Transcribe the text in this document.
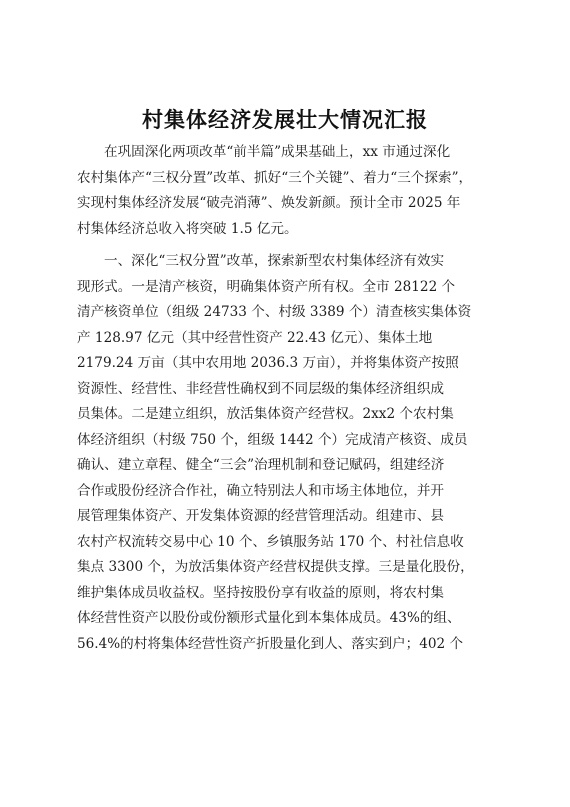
村集体经济发展壮大情况汇报
在巩固深化两项改革“前半篇”成果基础上，xx 市通过深化
农村集体产“三权分置”改革、抓好“三个关键”、着力“三个探索”，
实现村集体经济发展“破壳消薄”、焕发新颜。预计全市 2025 年
村集体经济总收入将突破 1.5 亿元。
一、深化“三权分置”改革，探索新型农村集体经济有效实
现形式。一是清产核资，明确集体资产所有权。全市 28122 个
清产核资单位（组级 24733 个、村级 3389 个）清查核实集体资
产 128.97 亿元（其中经营性资产 22.43 亿元）、集体土地
2179.24 万亩（其中农用地 2036.3 万亩），并将集体资产按照
资源性、经营性、非经营性确权到不同层级的集体经济组织成
员集体。二是建立组织，放活集体资产经营权。2xx2 个农村集
体经济组织（村级 750 个，组级 1442 个）完成清产核资、成员
确认、建立章程、健全“三会”治理机制和登记赋码，组建经济
合作或股份经济合作社，确立特别法人和市场主体地位，并开
展管理集体资产、开发集体资源的经营管理活动。组建市、县
农村产权流转交易中心 10 个、乡镇服务站 170 个、村社信息收
集点 3300 个，为放活集体资产经营权提供支撑。三是量化股份，
维护集体成员收益权。坚持按股份享有收益的原则，将农村集
体经营性资产以股份或份额形式量化到本集体成员。43%的组、
56.4%的村将集体经营性资产折股量化到人、落实到户；402 个
